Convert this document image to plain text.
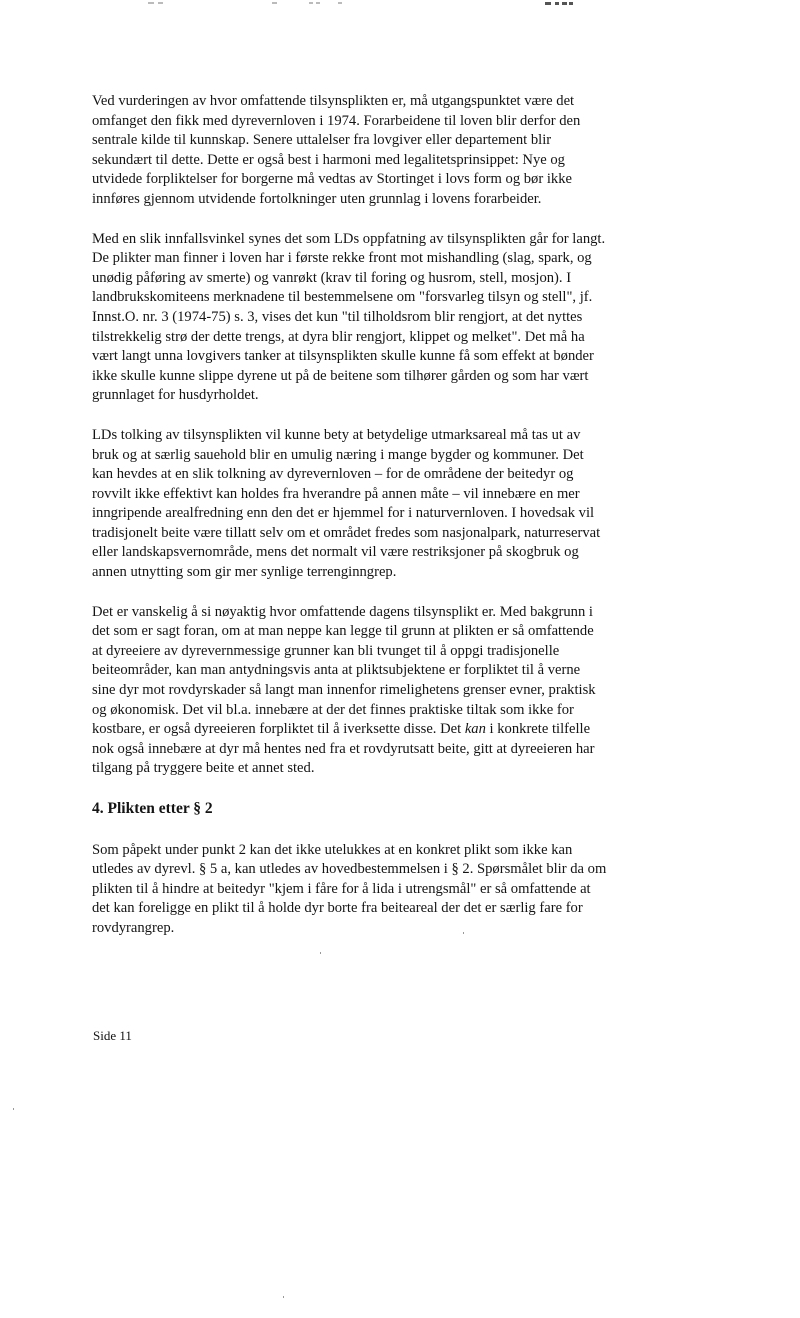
Ved vurderingen av hvor omfattende tilsynsplikten er, må utgangspunktet være det
omfanget den fikk med dyrevernloven i 1974. Forarbeidene til loven blir derfor den
sentrale kilde til kunnskap. Senere uttalelser fra lovgiver eller departement blir
sekundært til dette. Dette er også best i harmoni med legalitetsprinsippet: Nye og
utvidede forpliktelser for borgerne må vedtas av Stortinget i lovs form og bør ikke
innføres gjennom utvidende fortolkninger uten grunnlag i lovens forarbeider.

Med en slik innfallsvinkel synes det som LDs oppfatning av tilsynsplikten går for langt.
De plikter man finner i loven har i første rekke front mot mishandling (slag, spark, og
unødig påføring av smerte) og vanrøkt (krav til foring og husrom, stell, mosjon). I
landbrukskomiteens merknadene til bestemmelsene om "forsvarleg tilsyn og stell", jf.
Innst.O. nr. 3 (1974-75) s. 3, vises det kun "til tilholdsrom blir rengjort, at det nyttes
tilstrekkelig strø der dette trengs, at dyra blir rengjort, klippet og melket". Det må ha
vært langt unna lovgivers tanker at tilsynsplikten skulle kunne få som effekt at bønder
ikke skulle kunne slippe dyrene ut på de beitene som tilhører gården og som har vært
grunnlaget for husdyrholdet.

LDs tolking av tilsynsplikten vil kunne bety at betydelige utmarksareal må tas ut av
bruk og at særlig sauehold blir en umulig næring i mange bygder og kommuner. Det
kan hevdes at en slik tolkning av dyrevernloven – for de områdene der beitedyr og
rovvilt ikke effektivt kan holdes fra hverandre på annen måte – vil innebære en mer
inngripende arealfredning enn den det er hjemmel for i naturvernloven. I hovedsak vil
tradisjonelt beite være tillatt selv om et området fredes som nasjonalpark, naturreservat
eller landskapsvernområde, mens det normalt vil være restriksjoner på skogbruk og
annen utnytting som gir mer synlige terrenginngrep.

Det er vanskelig å si nøyaktig hvor omfattende dagens tilsynsplikt er. Med bakgrunn i
det som er sagt foran, om at man neppe kan legge til grunn at plikten er så omfattende
at dyreeiere av dyrevernmessige grunner kan bli tvunget til å oppgi tradisjonelle
beiteområder, kan man antydningsvis anta at pliktsubjektene er forpliktet til å verne
sine dyr mot rovdyrskader så langt man innenfor rimelighetens grenser evner, praktisk
og økonomisk. Det vil bl.a. innebære at der det finnes praktiske tiltak som ikke for
kostbare, er også dyreeieren forpliktet til å iverksette disse. Det kan i konkrete tilfelle
nok også innebære at dyr må hentes ned fra et rovdyrutsatt beite, gitt at dyreeieren har
tilgang på tryggere beite et annet sted.

4. Plikten etter § 2

Som påpekt under punkt 2 kan det ikke utelukkes at en konkret plikt som ikke kan
utledes av dyrevl. § 5 a, kan utledes av hovedbestemmelsen i § 2. Spørsmålet blir da om
plikten til å hindre at beitedyr "kjem i fåre for å lida i utrengsmål" er så omfattende at
det kan foreligge en plikt til å holde dyr borte fra beiteareal der det er særlig fare for
rovdyrangrep.

Side 11
